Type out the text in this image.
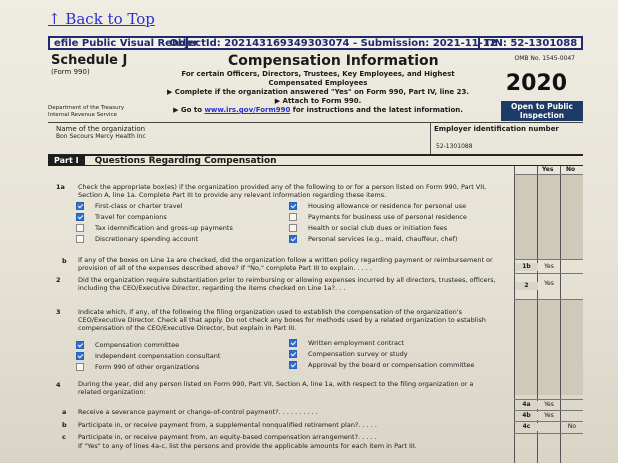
↑ Back to Top
efile Public Visual Render
ObjectId: 202143169349303074 - Submission: 2021-11-12
TIN: 52-1301088
Schedule J
(Form 990)
Department of the Treasury Internal Revenue Service
Compensation Information
For certain Officers, Directors, Trustees, Key Employees, and Highest
Compensated Employees
▶ Complete if the organization answered "Yes" on Form 990, Part IV, line 23.
▶ Attach to Form 990.
▶ Go to www.irs.gov/Form990 for instructions and the latest information.
OMB No. 1545-0047
2020
Open to Public Inspection
Name of the organization
Bon Secours Mercy Health Inc
Employer identification number
52-1301088
Part I	Questions Regarding Compensation
Yes No
1a Check the appropriate box(es) if the organization provided any of the following to or for a person listed on Form 990, Part VII, Section A, line 1a. Complete Part III to provide any relevant information regarding these items.
First-class or charter travel
Travel for companions
Tax idemnification and gross-up payments
Discretionary spending account
Housing allowance or residence for personal use
Payments for business use of personal residence
Health or social club dues or initiation fees
Personal services (e.g., maid, chauffeur, chef)
b If any of the boxes on Line 1a are checked, did the organization follow a written policy regarding payment or reimbursement or provision of all of the expenses described above? If "No," complete Part III to explain. . . . .	1b	Yes
2	Did the organization require substantiation prior to reimbursing or allowing expenses incurred by all directors, trustees, officers, including the CEO/Executive Director, regarding the items checked on Line 1a?. . .	2	Yes
3	Indicate which, if any, of the following the filing organization used to establish the compensation of the organization's CEO/Executive Director. Check all that apply. Do not check any boxes for methods used by a related organization to establish compensation of the CEO/Executive Director, but explain in Part III.
Compensation committee
Independent compensation consultant
Form 990 of other organizations
Written employment contract
Compensation survey or study
Approval by the board or compensation committee
4	During the year, did any person listed on Form 990, Part VII, Section A, line 1a, with respect to the filing organization or a related organization:
a Receive a severance payment or change-of-control payment?. . . . . . . . . .
4a	Yes
b Participate in, or receive payment from, a supplemental nonqualified retirement plan?. . . . .
4b	Yes
c Participate in, or receive payment from, an equity-based compensation arrangement?. . . . .
4c	No
If "Yes" to any of lines 4a-c, list the persons and provide the applicable amounts for each item in Part III.
